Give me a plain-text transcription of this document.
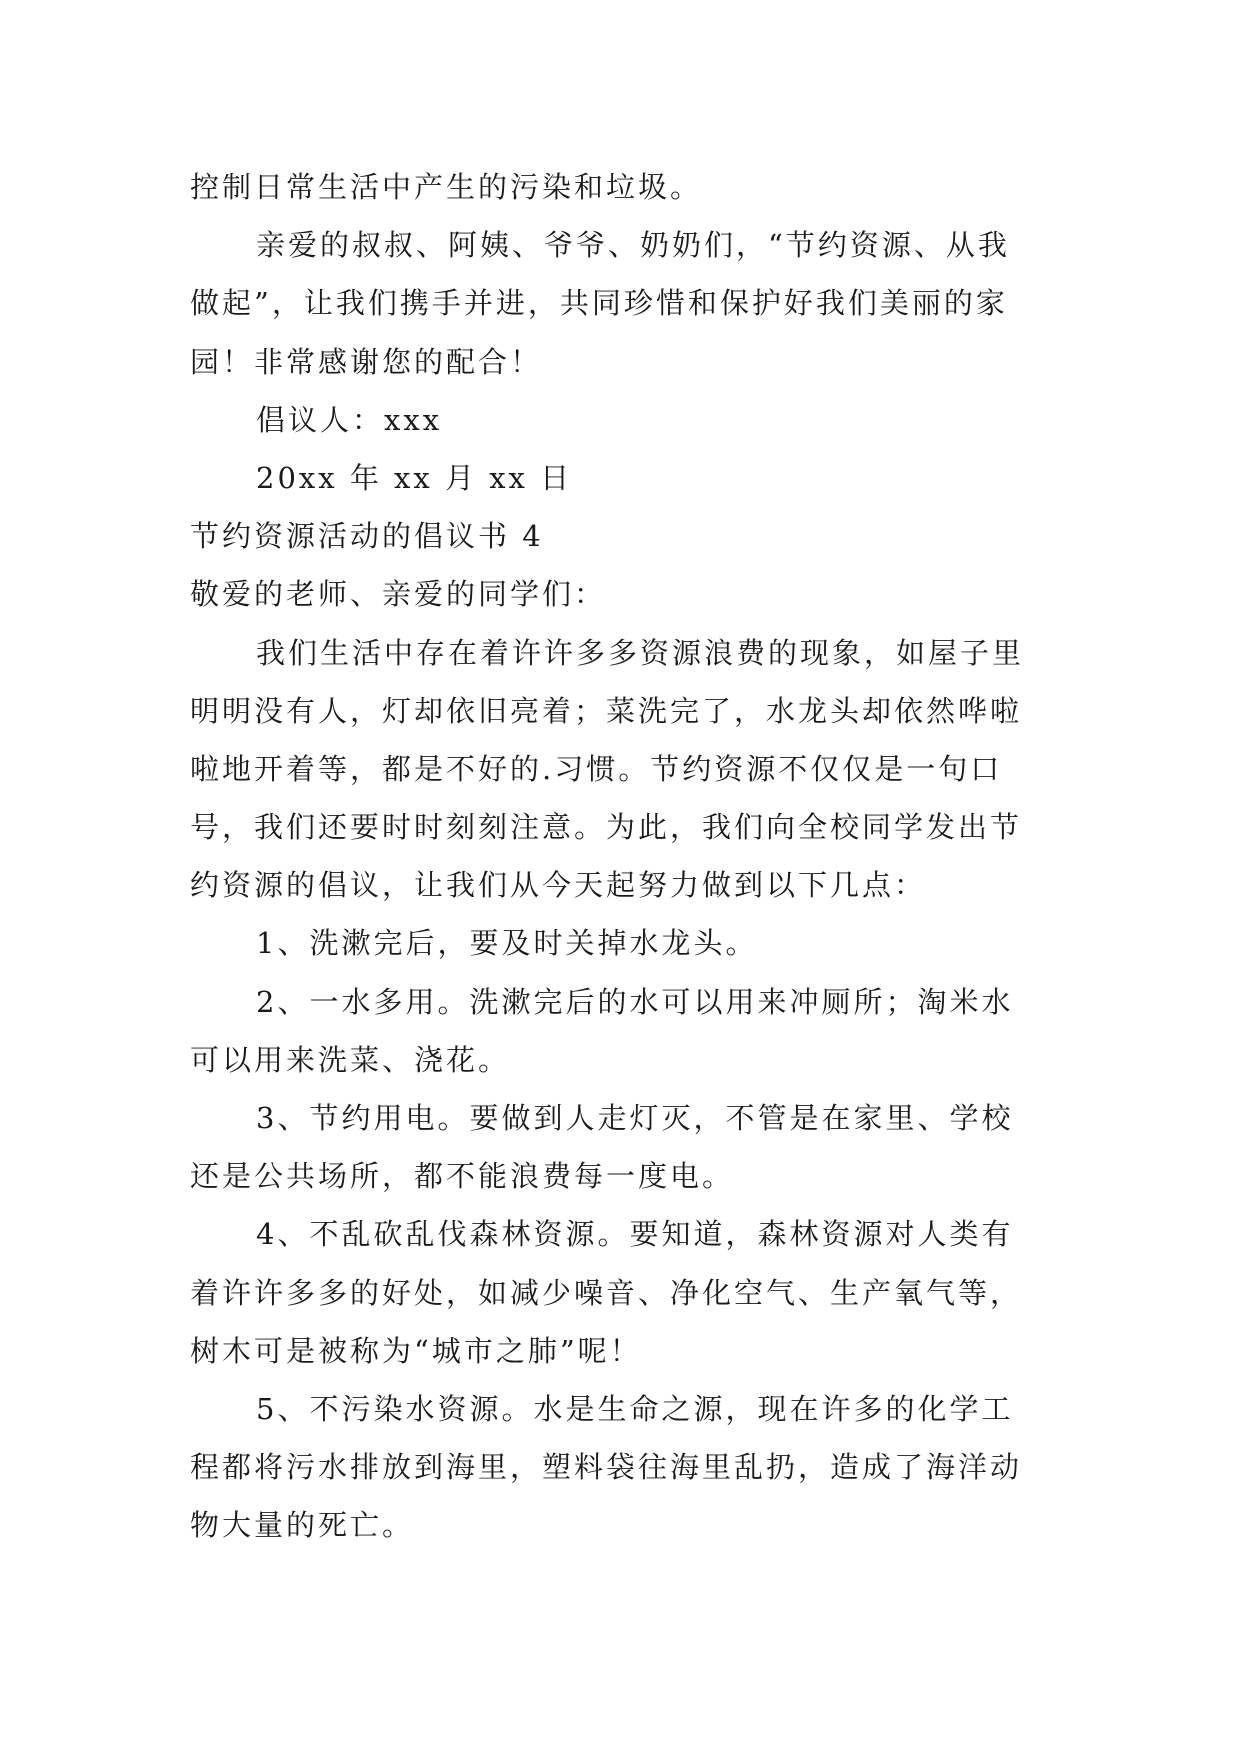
控制日常生活中产生的污染和垃圾。
亲爱的叔叔、阿姨、爷爷、奶奶们，“节约资源、从我
做起”，让我们携手并进，共同珍惜和保护好我们美丽的家
园！非常感谢您的配合！
倡议人：xxx
20xx 年 xx 月 xx 日
节约资源活动的倡议书 4
敬爱的老师、亲爱的同学们：
我们生活中存在着许许多多资源浪费的现象，如屋子里
明明没有人，灯却依旧亮着；菜洗完了，水龙头却依然哗啦
啦地开着等，都是不好的.习惯。节约资源不仅仅是一句口
号，我们还要时时刻刻注意。为此，我们向全校同学发出节
约资源的倡议，让我们从今天起努力做到以下几点：
1、洗漱完后，要及时关掉水龙头。
2、一水多用。洗漱完后的水可以用来冲厕所；淘米水
可以用来洗菜、浇花。
3、节约用电。要做到人走灯灭，不管是在家里、学校
还是公共场所，都不能浪费每一度电。
4、不乱砍乱伐森林资源。要知道，森林资源对人类有
着许许多多的好处，如减少噪音、净化空气、生产氧气等，
树木可是被称为“城市之肺”呢！
5、不污染水资源。水是生命之源，现在许多的化学工
程都将污水排放到海里，塑料袋往海里乱扔，造成了海洋动
物大量的死亡。
